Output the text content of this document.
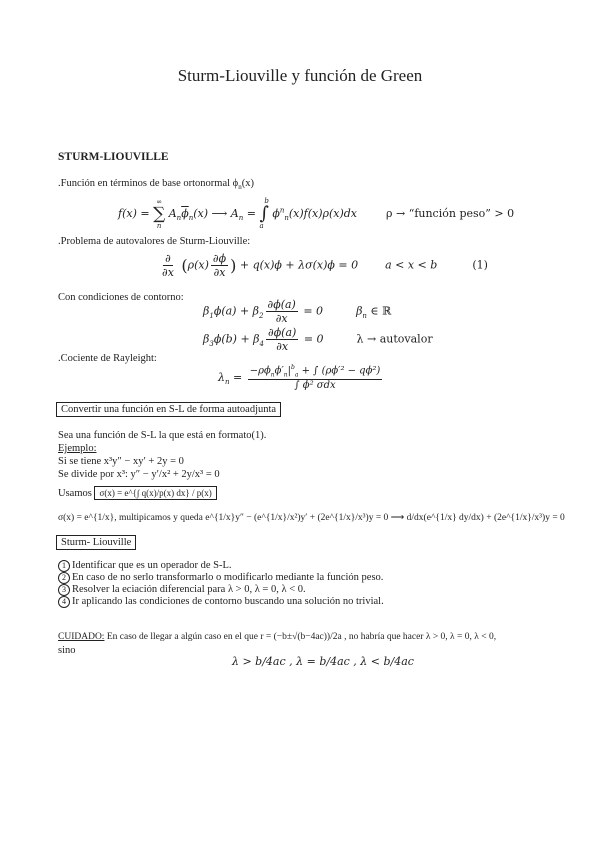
Sturm-Liouville y función de Green
STURM-LIOUVILLE
.Función en términos de base ortonormal $\phi_n(x)$
f(x) =
∞
∑
n
$A_n\overline{\phi}_n(x)$ ⟶ $A_n$ =
b
∫
a
$\phi^n_n(x)f(x)\rho(x)dx$	ρ → “función peso” > 0
.Problema de autovalores de Sturm-Liouville:
$\frac{\partial}{\partial x} (\rho(x) \frac{\partial\phi}{\partial x}$ ) + q(x)ϕ + λσ(x)ϕ = 0 a < x < b	(1)
Con condiciones de contorno:
$\beta_1\phi(a) + \beta_2 \frac{\partial\phi(a)}{\partial x} = 0$	$\beta_n$ ∈ ℝ
$\beta_3\phi(b) + \beta_4 \frac{\partial\phi(a)}{\partial x} = 0$	λ → autovalor
.Cociente de Rayleight:
$\lambda_n = \frac{-\rho\phi_n\phi'_n|^b_a + \int (\rho\phi'^2 - q\phi^2)}{\text{∫ ϕ² σdx}}$
Convertir una función en S-L de forma autoadjunta
Sea una función de S-L la que está en formato(1).
Ejemplo:
Si se tiene x³y″ − xy′ + 2y = 0
Se divide por x³: y″ − y′/x² + 2y/x³ = 0
Usamos σ(x) = e^{∫ q(x)/p(x) dx} / p(x)
σ(x) = e^{1/x}, multipicamos y queda e^{1/x}y″ − (e^{1/x}/x²)y′ + (2e^{1/x}/x³)y = 0 ⟶ d/dx(e^{1/x} dy/dx) + (2e^{1/x}/x³)y = 0
Sturm- Liouville
1 Identificar que es un operador de S-L.
2 En caso de no serlo transformarlo o modificarlo mediante la función peso.
3 Resolver la eciación diferencial para λ > 0, λ = 0, λ < 0.
4 Ir aplicando las condiciones de contorno buscando una solución no trivial.
CUIDADO: En caso de llegar a algún caso en el que r = (−b±√(b−4ac))/2a , no habría que hacer λ > 0, λ = 0, λ < 0,
sino
λ > b/4ac , λ = b/4ac , λ < b/4ac
